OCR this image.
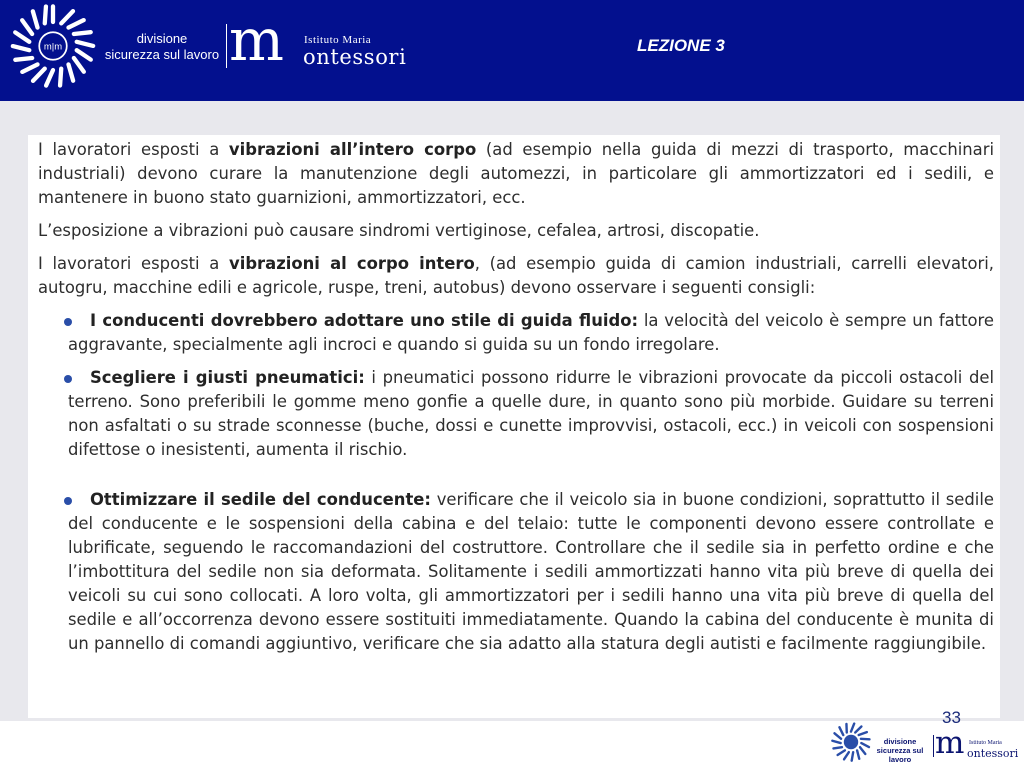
m|m
divisione
sicurezza sul lavoro m Istituto Maria
ontessori	LEZIONE 3

I lavoratori esposti a vibrazioni all’intero corpo (ad esempio nella guida di mezzi di trasporto, macchinari industriali) devono curare la manutenzione degli automezzi, in particolare gli ammortizzatori ed i sedili, e mantenere in buono stato guarnizioni, ammortizzatori, ecc.

L’esposizione a vibrazioni può causare sindromi vertiginose, cefalea, artrosi, discopatie.

I lavoratori esposti a vibrazioni al corpo intero, (ad esempio guida di camion industriali, carrelli elevatori, autogru, macchine edili e agricole, ruspe, treni, autobus) devono osservare i seguenti consigli:

I conducenti dovrebbero adottare uno stile di guida fluido: la velocità del veicolo è sempre un fattore aggravante, specialmente agli incroci e quando si guida su un fondo irregolare.

Scegliere i giusti pneumatici: i pneumatici possono ridurre le vibrazioni provocate da piccoli ostacoli del terreno. Sono preferibili le gomme meno gonfie a quelle dure, in quanto sono più morbide. Guidare su terreni non asfaltati o su strade sconnesse (buche, dossi e cunette improvvisi, ostacoli, ecc.) in veicoli con sospensioni difettose o inesistenti, aumenta il rischio.

Ottimizzare il sedile del conducente: verificare che il veicolo sia in buone condizioni, soprattutto il sedile del conducente e le sospensioni della cabina e del telaio: tutte le componenti devono essere controllate e lubrificate, seguendo le raccomandazioni del costruttore. Controllare che il sedile sia in perfetto ordine e che l’imbottitura del sedile non sia deformata. Solitamente i sedili ammortizzati hanno vita più breve di quella dei veicoli su cui sono collocati. A loro volta, gli ammortizzatori per i sedili hanno una vita più breve di quella del sedile e all’occorrenza devono essere sostituiti immediatamente. Quando la cabina del conducente è munita di un pannello di comandi aggiuntivo, verificare che sia adatto alla statura degli autisti e facilmente raggiungibile.

33
divisione
sicurezza sul lavoro m Istituto Maria
ontessori
